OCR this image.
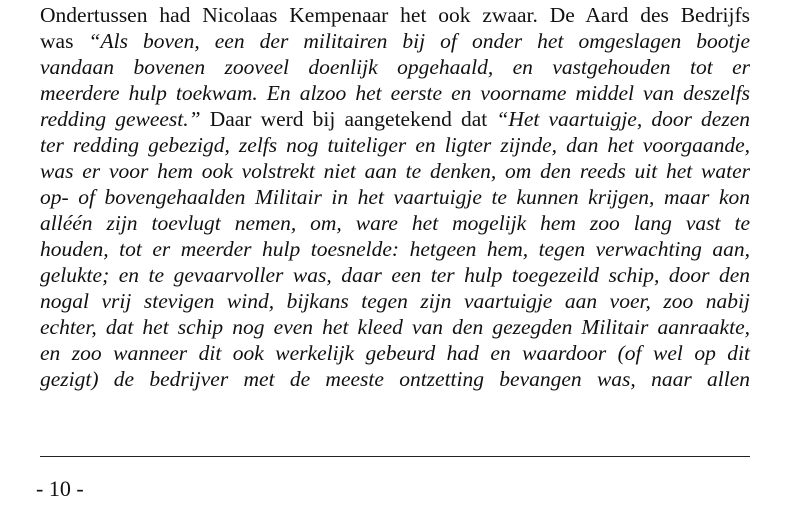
Ondertussen had Nicolaas Kempenaar het ook zwaar. De Aard des Bedrijfs
was “Als boven, een der militairen bij of onder het omgeslagen bootje
vandaan bovenen zooveel doenlijk opgehaald, en vastgehouden tot er
meerdere hulp toekwam. En alzoo het eerste en voorname middel van deszelfs
redding geweest.” Daar werd bij aangetekend dat “Het vaartuigje, door dezen
ter redding gebezigd, zelfs nog tuiteliger en ligter zijnde, dan het voorgaande,
was er voor hem ook volstrekt niet aan te denken, om den reeds uit het water
op- of bovengehaalden Militair in het vaartuigje te kunnen krijgen, maar kon
alléén zijn toevlugt nemen, om, ware het mogelijk hem zoo lang vast te
houden, tot er meerder hulp toesnelde: hetgeen hem, tegen verwachting aan,
gelukte; en te gevaarvoller was, daar een ter hulp toegezeild schip, door den
nogal vrij stevigen wind, bijkans tegen zijn vaartuigje aan voer, zoo nabij
echter, dat het schip nog even het kleed van den gezegden Militair aanraakte,
en zoo wanneer dit ook werkelijk gebeurd had en waardoor (of wel op dit
gezigt) de bedrijver met de meeste ontzetting bevangen was, naar allen
- 10 -
